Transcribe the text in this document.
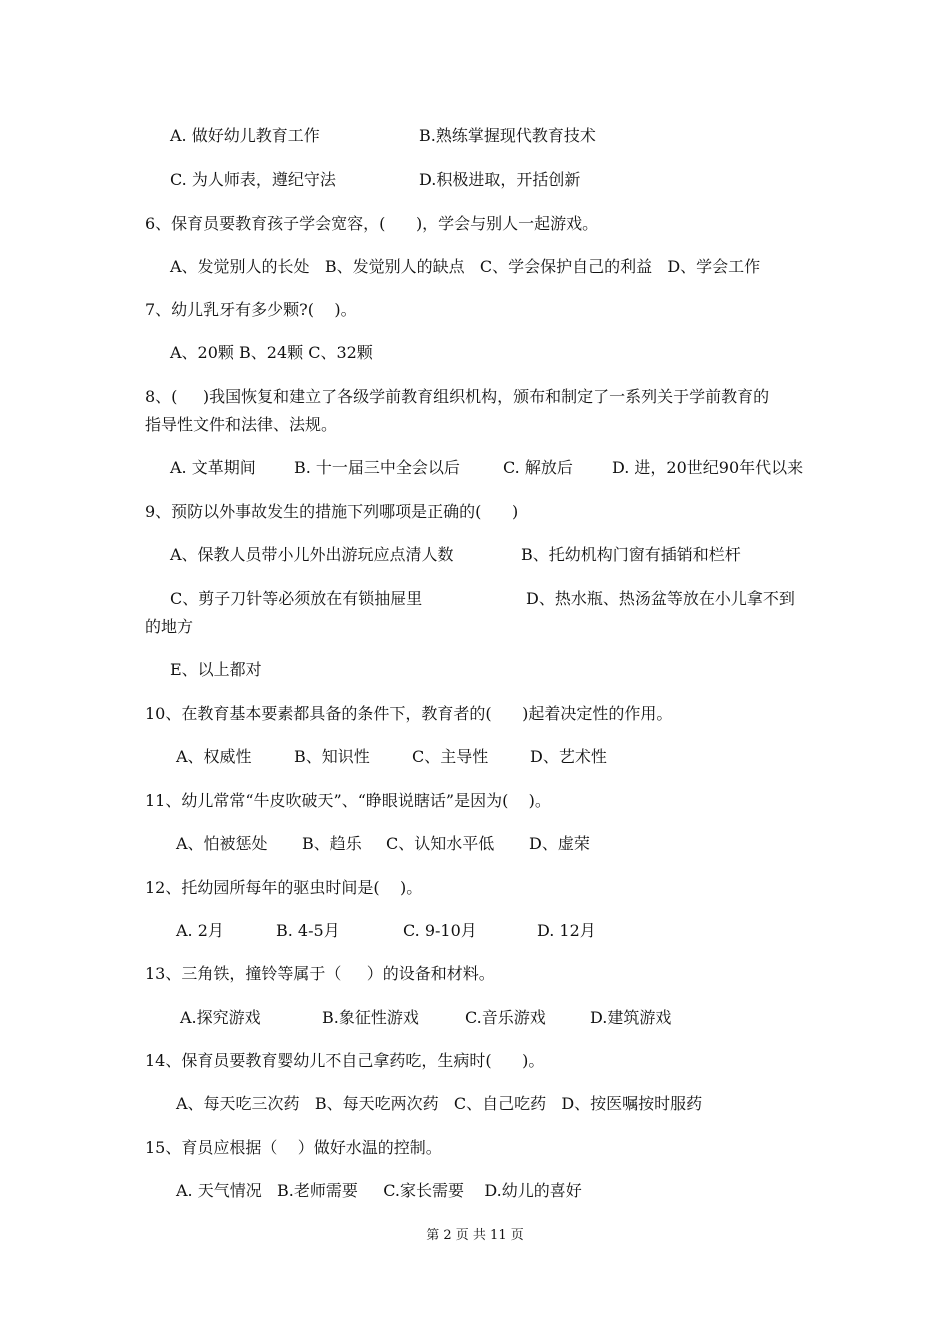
A. 做好幼儿教育工作	B.熟练掌握现代教育技术
C. 为人师表，遵纪守法	D.积极进取，开括创新
6、保育员要教育孩子学会宽容，(      )，学会与别人一起游戏。
A、发觉别人的长处   B、发觉别人的缺点   C、学会保护自己的利益   D、学会工作
7、幼儿乳牙有多少颗?(    )。
A、20颗 B、24颗 C、32颗
8、(     )我国恢复和建立了各级学前教育组织机构，颁布和制定了一系列关于学前教育的
指导性文件和法律、法规。
A. 文革期间 B. 十一届三中全会以后	C. 解放后 D. 进，20世纪90年代以来
9、预防以外事故发生的措施下列哪项是正确的(      )
A、保教人员带小儿外出游玩应点清人数	B、托幼机构门窗有插销和栏杆
C、剪子刀针等必须放在有锁抽屉里	D、热水瓶、热汤盆等放在小儿拿不到
的地方
E、以上都对
10、在教育基本要素都具备的条件下，教育者的(      )起着决定性的作用。
A、权威性	B、知识性	C、主导性	D、艺术性
11、幼儿常常“牛皮吹破天”、“睁眼说瞎话”是因为(    )。
A、怕被惩处 B、趋乐 C、认知水平低 D、虚荣
12、托幼园所每年的驱虫时间是(    )。
A. 2月	B. 4-5月	C. 9-10月	D. 12月
13、三角铁，撞铃等属于（     ）的设备和材料。
A.探究游戏	B.象征性游戏	C.音乐游戏	D.建筑游戏
14、保育员要教育婴幼儿不自己拿药吃，生病时(      )。
A、每天吃三次药   B、每天吃两次药   C、自己吃药   D、按医嘱按时服药
15、育员应根据（    ）做好水温的控制。
A. 天气情况   B.老师需要     C.家长需要    D.幼儿的喜好
第 2 页 共 11 页
